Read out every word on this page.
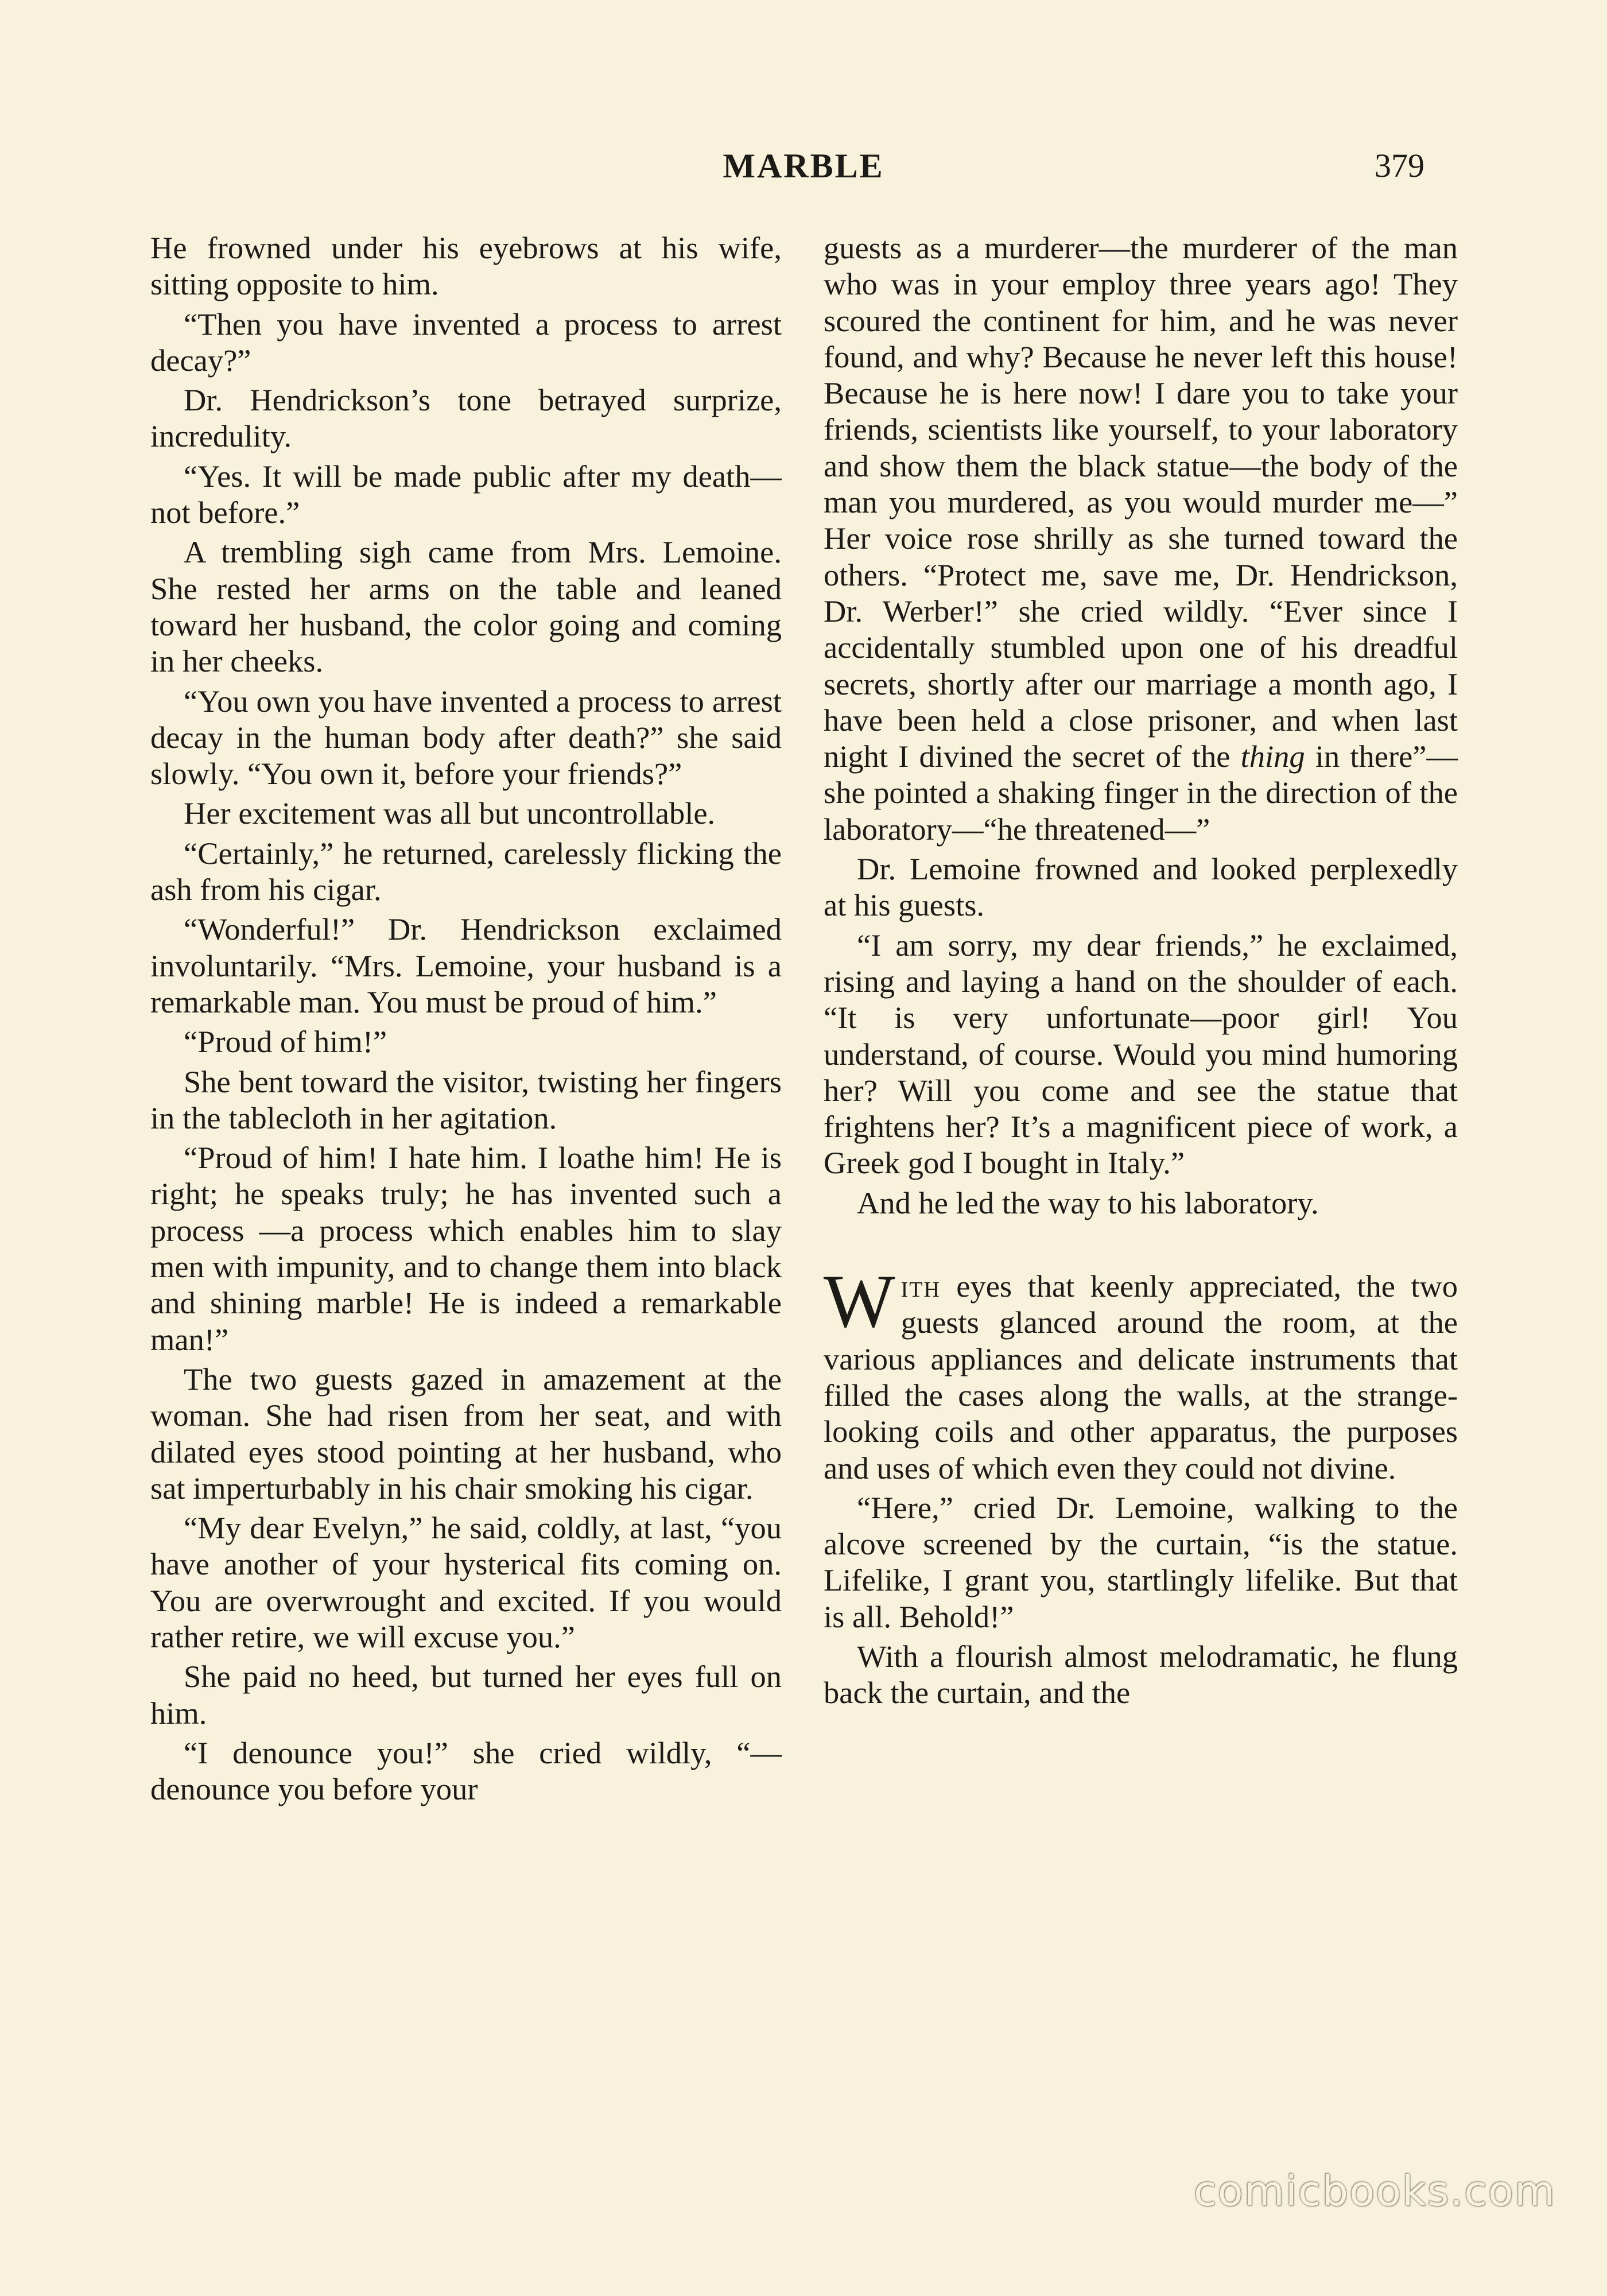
MARBLE	379

He frowned under his eyebrows at his wife, sitting opposite to him.

“Then you have invented a process to arrest decay?”

Dr. Hendrickson’s tone betrayed surprize, incredulity.

“Yes. It will be made public after my death—not before.”

A trembling sigh came from Mrs. Lemoine. She rested her arms on the table and leaned toward her husband, the color going and coming in her cheeks.

“You own you have invented a process to arrest decay in the human body after death?” she said slowly. “You own it, before your friends?”

Her excitement was all but uncontrollable.

“Certainly,” he returned, carelessly flicking the ash from his cigar.

“Wonderful!” Dr. Hendrickson exclaimed involuntarily. “Mrs. Lemoine, your husband is a remarkable man. You must be proud of him.”

“Proud of him!”

She bent toward the visitor, twisting her fingers in the tablecloth in her agitation.

“Proud of him! I hate him. I loathe him! He is right; he speaks truly; he has invented such a process —a process which enables him to slay men with impunity, and to change them into black and shining marble! He is indeed a remarkable man!”

The two guests gazed in amazement at the woman. She had risen from her seat, and with dilated eyes stood pointing at her husband, who sat imperturbably in his chair smoking his cigar.

“My dear Evelyn,” he said, coldly, at last, “you have another of your hysterical fits coming on. You are overwrought and excited. If you would rather retire, we will excuse you.”

She paid no heed, but turned her eyes full on him.

“I denounce you!” she cried wildly, “—denounce you before your

guests as a murderer—the murderer of the man who was in your employ three years ago! They scoured the continent for him, and he was never found, and why? Because he never left this house! Because he is here now! I dare you to take your friends, scientists like yourself, to your laboratory and show them the black statue—the body of the man you murdered, as you would murder me—” Her voice rose shrilly as she turned toward the others. “Protect me, save me, Dr. Hendrickson, Dr. Werber!” she cried wildly. “Ever since I accidentally stumbled upon one of his dreadful secrets, shortly after our marriage a month ago, I have been held a close prisoner, and when last night I divined the secret of the thing in there”—she pointed a shaking finger in the direction of the laboratory—“he threatened—”

Dr. Lemoine frowned and looked perplexedly at his guests.

“I am sorry, my dear friends,” he exclaimed, rising and laying a hand on the shoulder of each. “It is very unfortunate—poor girl! You understand, of course. Would you mind humoring her? Will you come and see the statue that frightens her? It’s a magnificent piece of work, a Greek god I bought in Italy.”

And he led the way to his laboratory.

With eyes that keenly appreciated, the two guests glanced around the room, at the various appliances and delicate instruments that filled the cases along the walls, at the strange-looking coils and other apparatus, the purposes and uses of which even they could not divine.

“Here,” cried Dr. Lemoine, walking to the alcove screened by the curtain, “is the statue. Lifelike, I grant you, startlingly lifelike. But that is all. Behold!”

With a flourish almost melodramatic, he flung back the curtain, and the

comicbooks.com
